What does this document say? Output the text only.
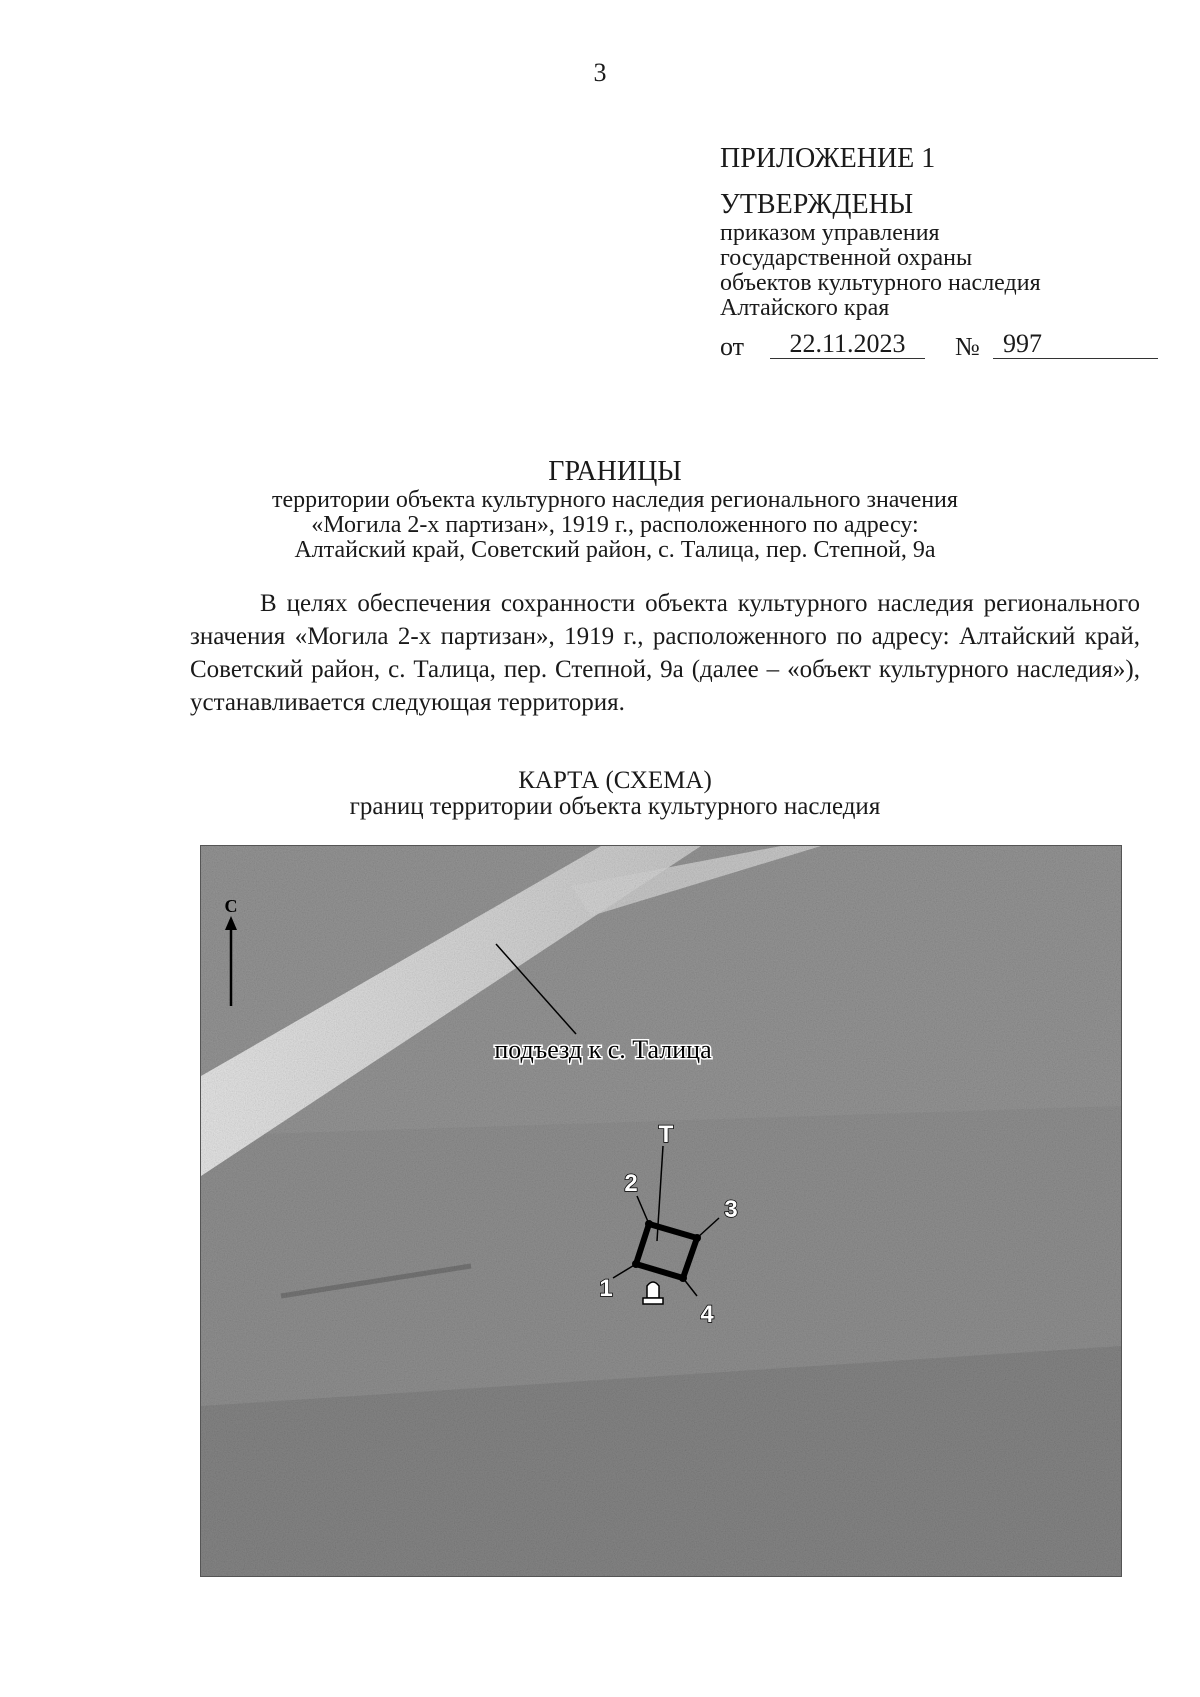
3
ПРИЛОЖЕНИЕ 1
УТВЕРЖДЕНЫ
приказом управления
государственной охраны
объектов культурного наследия
Алтайского края
от	22.11.2023	№ 997
ГРАНИЦЫ
территории объекта культурного наследия регионального значения
«Могила 2-х партизан», 1919 г., расположенного по адресу:
Алтайский край, Советский район, с. Талица, пер. Степной, 9а

В целях обеспечения сохранности объекта культурного наследия регионального значения «Могила 2-х партизан», 1919 г., расположенного по адресу: Алтайский край, Советский район, с. Талица, пер. Степной, 9а (далее – «объект культурного наследия»), устанавливается следующая территория.

КАРТА (СХЕМА)
границ территории объекта культурного наследия
С
подъезд к с. Талица
Т
2
3
1
4
